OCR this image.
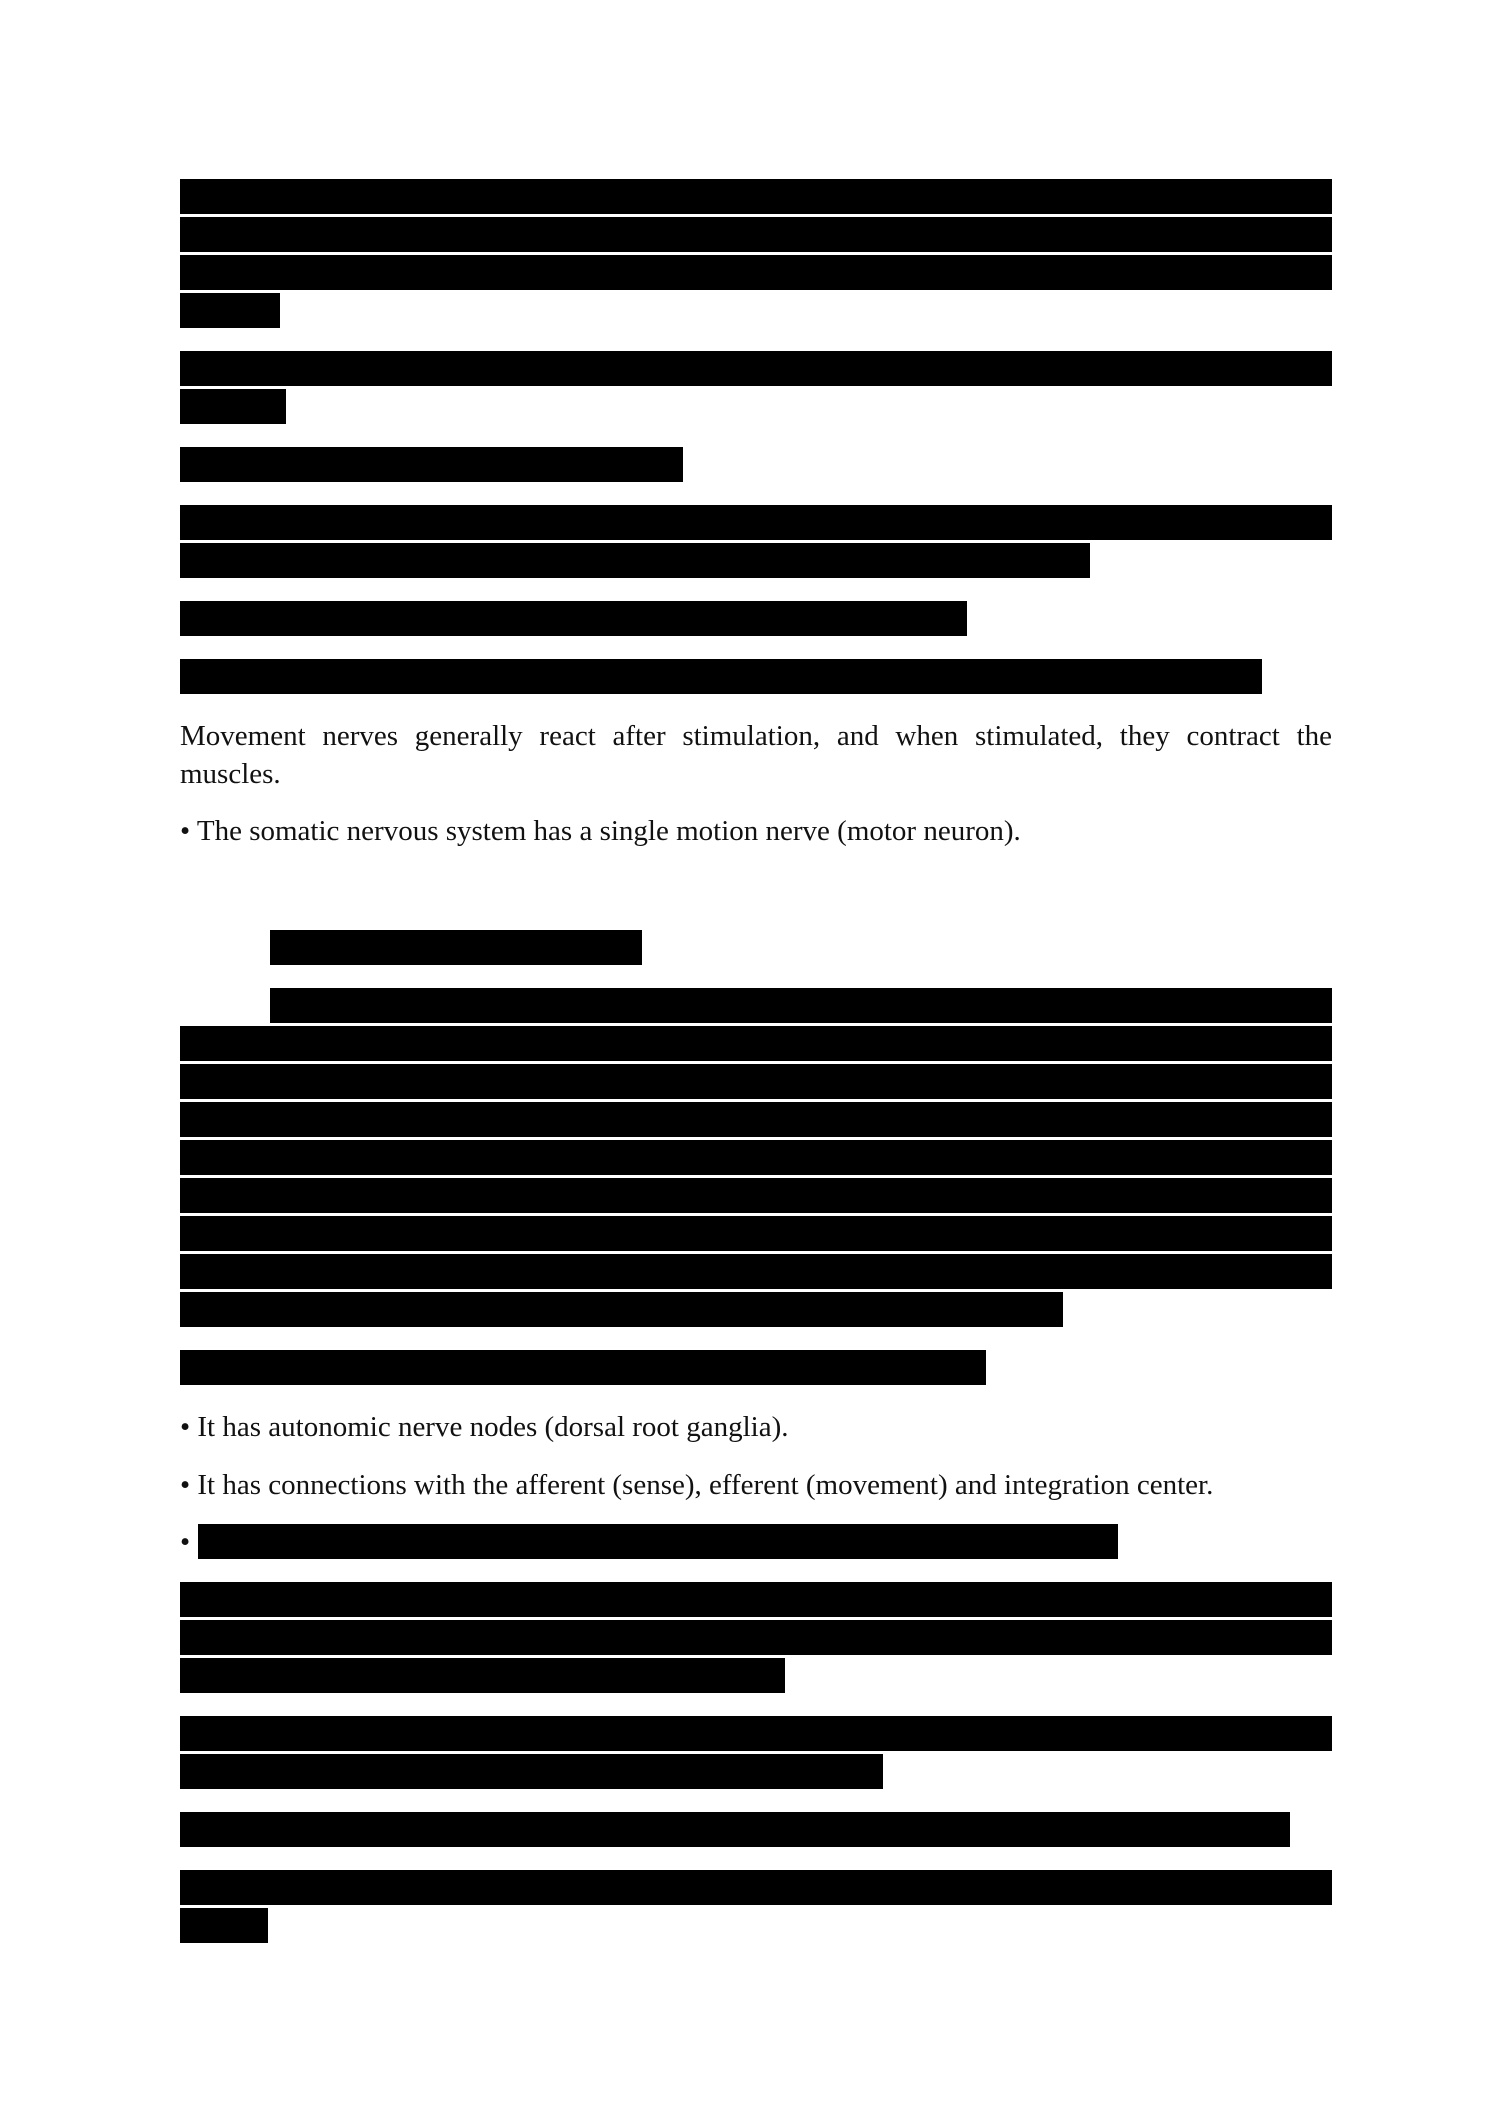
Movement nerves generally react after stimulation, and when stimulated, they contract the muscles.
• The somatic nervous system has a single motion nerve (motor neuron).
• It has autonomic nerve nodes (dorsal root ganglia).
• It has connections with the afferent (sense), efferent (movement) and integration center.
•
